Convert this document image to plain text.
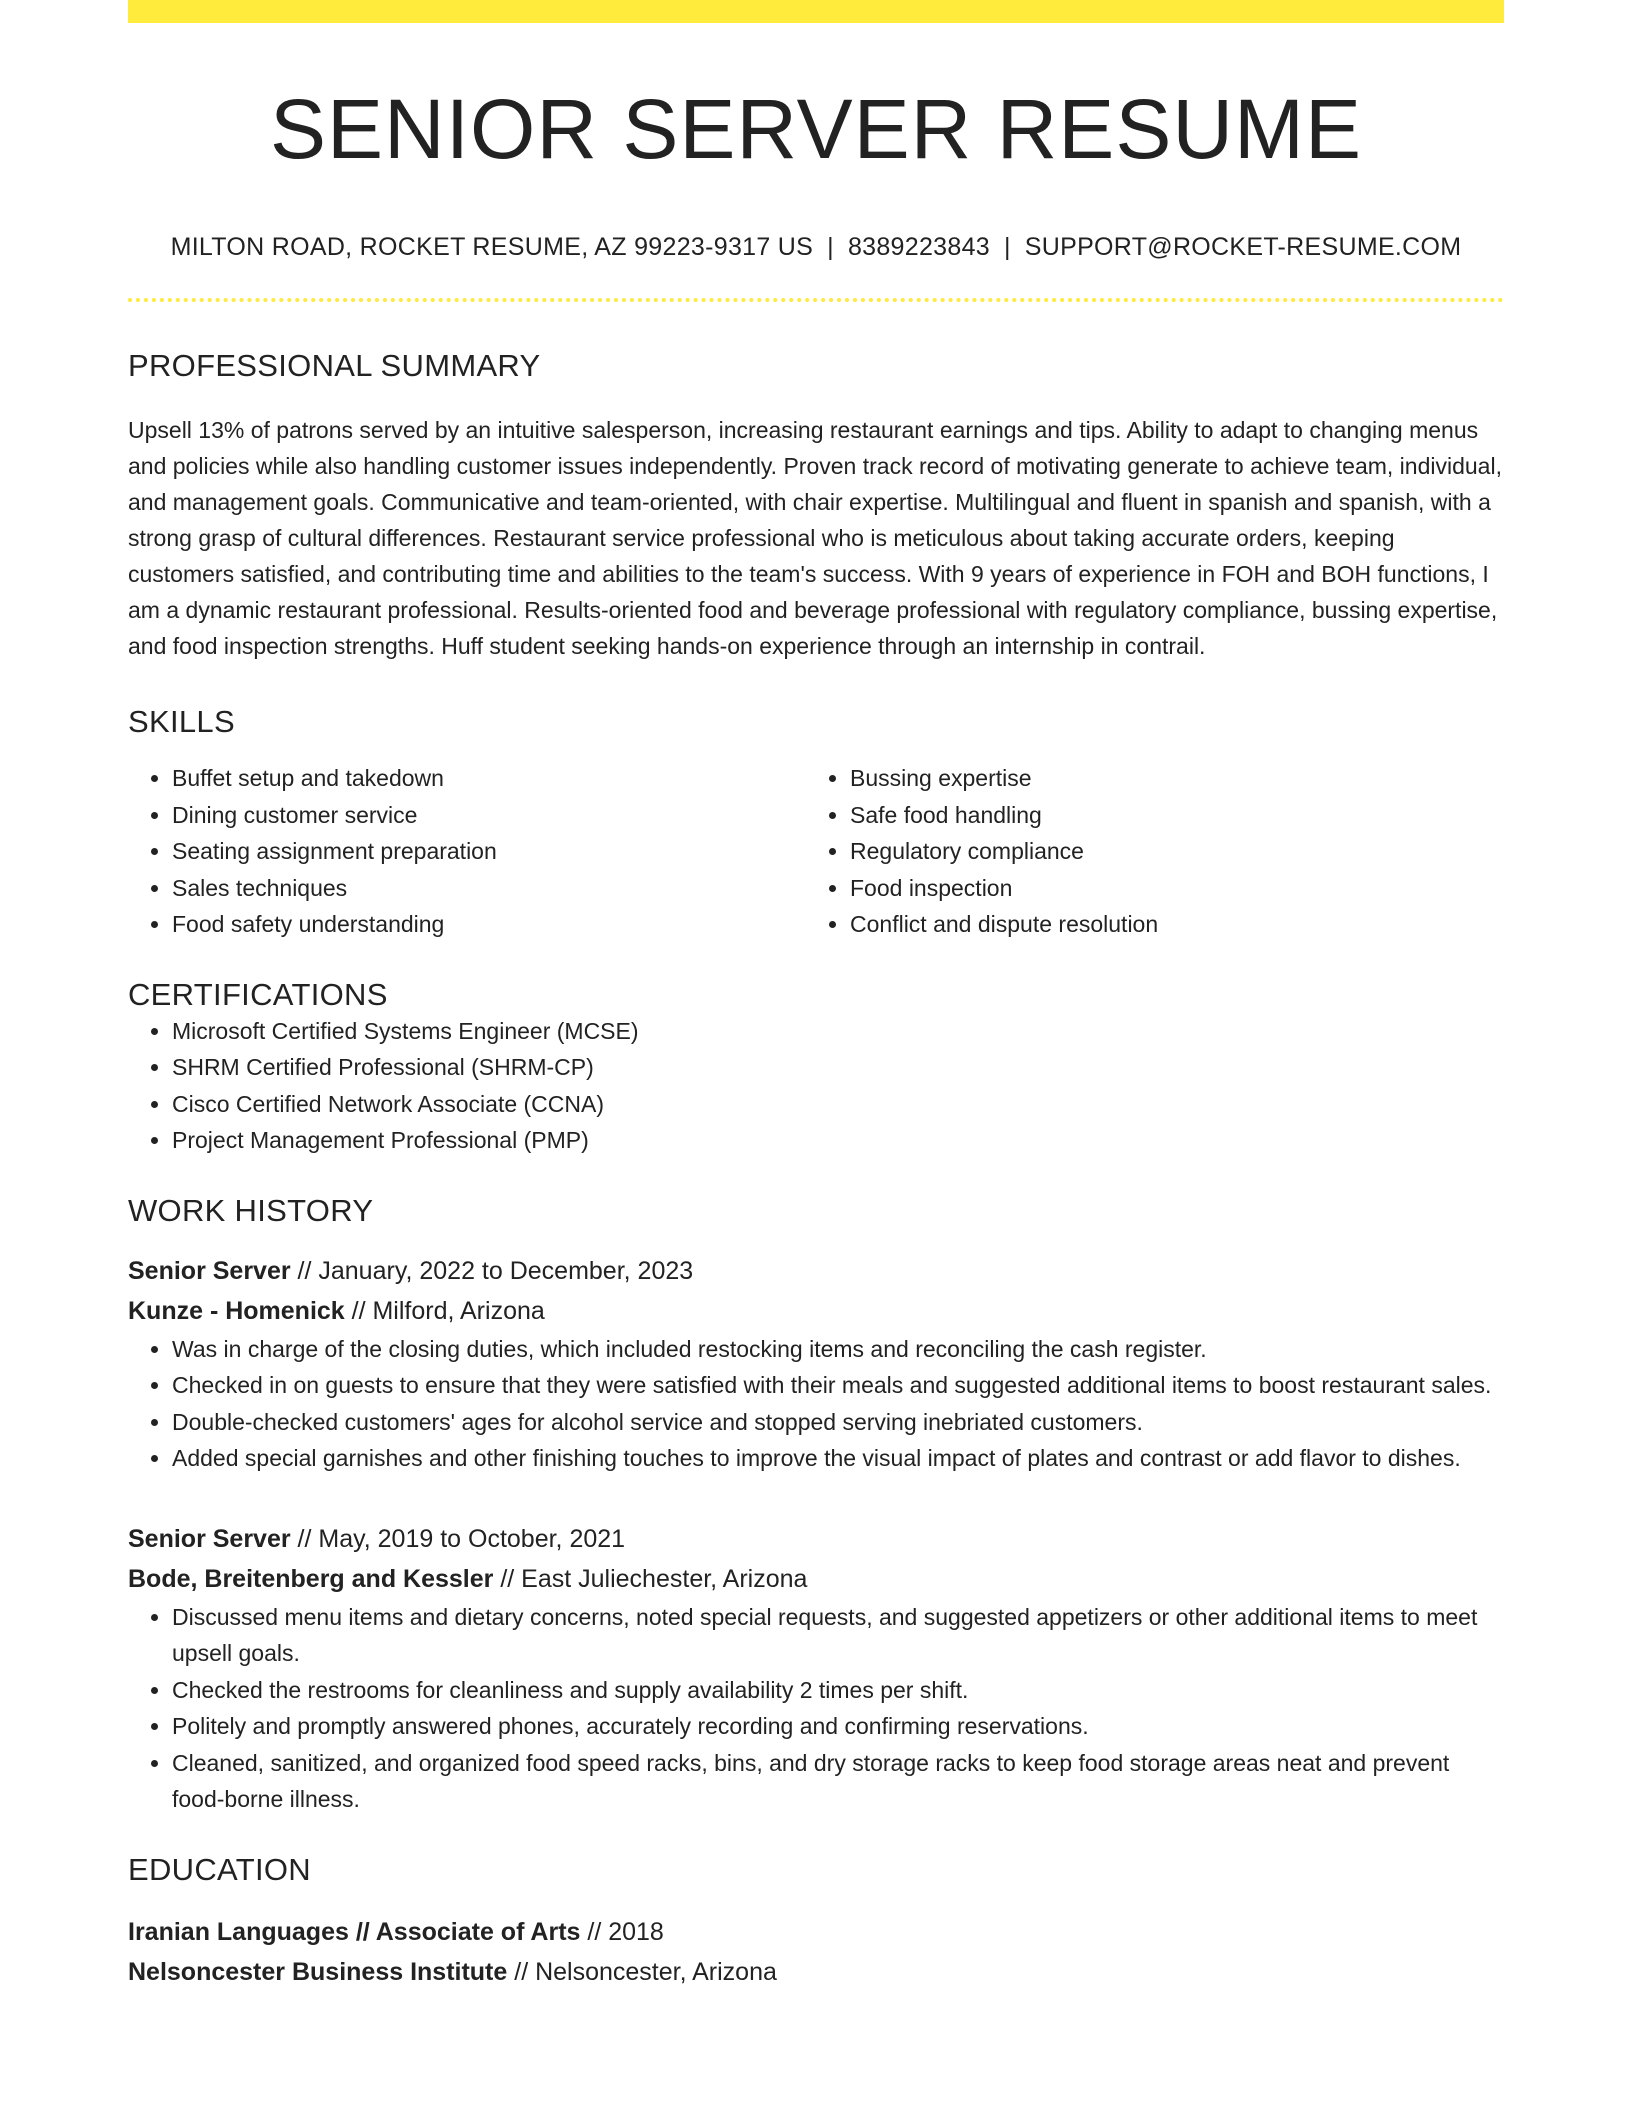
SENIOR SERVER RESUME
MILTON ROAD, ROCKET RESUME, AZ 99223-9317 US | 8389223843 | SUPPORT@ROCKET-RESUME.COM
PROFESSIONAL SUMMARY
Upsell 13% of patrons served by an intuitive salesperson, increasing restaurant earnings and tips. Ability to adapt to changing menus and policies while also handling customer issues independently. Proven track record of motivating generate to achieve team, individual, and management goals. Communicative and team-oriented, with chair expertise. Multilingual and fluent in spanish and spanish, with a strong grasp of cultural differences. Restaurant service professional who is meticulous about taking accurate orders, keeping customers satisfied, and contributing time and abilities to the team's success. With 9 years of experience in FOH and BOH functions, I am a dynamic restaurant professional. Results-oriented food and beverage professional with regulatory compliance, bussing expertise, and food inspection strengths. Huff student seeking hands-on experience through an internship in contrail.
SKILLS
• Buffet setup and takedown
• Dining customer service
• Seating assignment preparation
• Sales techniques
• Food safety understanding
• Bussing expertise
• Safe food handling
• Regulatory compliance
• Food inspection
• Conflict and dispute resolution
CERTIFICATIONS
• Microsoft Certified Systems Engineer (MCSE)
• SHRM Certified Professional (SHRM-CP)
• Cisco Certified Network Associate (CCNA)
• Project Management Professional (PMP)
WORK HISTORY
Senior Server // January, 2022 to December, 2023
Kunze - Homenick // Milford, Arizona
• Was in charge of the closing duties, which included restocking items and reconciling the cash register.
• Checked in on guests to ensure that they were satisfied with their meals and suggested additional items to boost restaurant sales.
• Double-checked customers' ages for alcohol service and stopped serving inebriated customers.
• Added special garnishes and other finishing touches to improve the visual impact of plates and contrast or add flavor to dishes.
Senior Server // May, 2019 to October, 2021
Bode, Breitenberg and Kessler // East Juliechester, Arizona
• Discussed menu items and dietary concerns, noted special requests, and suggested appetizers or other additional items to meet upsell goals.
• Checked the restrooms for cleanliness and supply availability 2 times per shift.
• Politely and promptly answered phones, accurately recording and confirming reservations.
• Cleaned, sanitized, and organized food speed racks, bins, and dry storage racks to keep food storage areas neat and prevent food-borne illness.
EDUCATION
Iranian Languages // Associate of Arts // 2018
Nelsoncester Business Institute // Nelsoncester, Arizona
